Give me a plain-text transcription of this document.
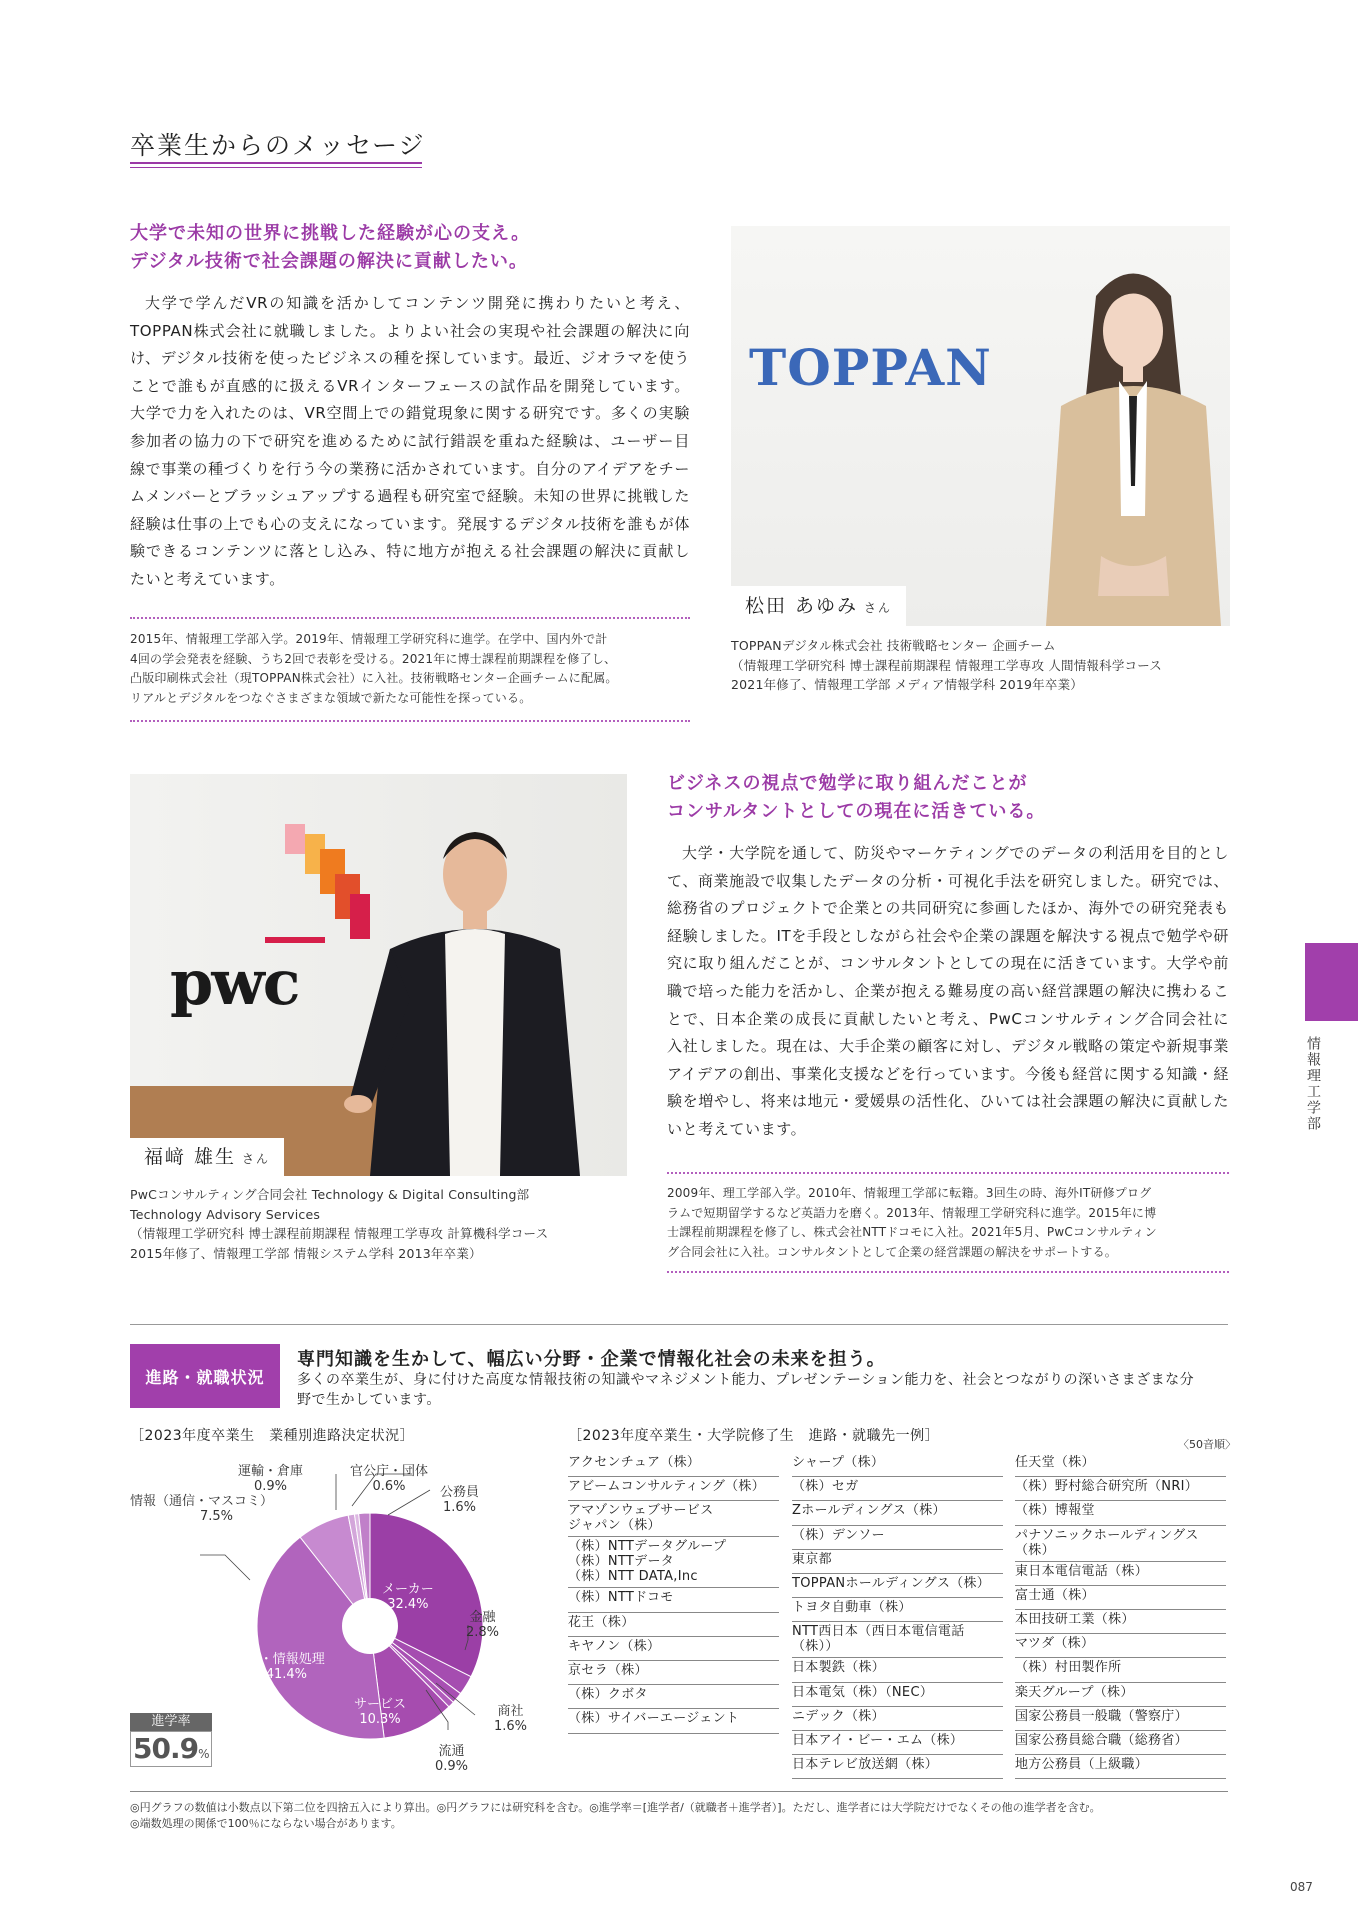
卒業生からのメッセージ
大学で未知の世界に挑戦した経験が心の支え。
デジタル技術で社会課題の解決に貢献したい。
大学で学んだVRの知識を活かしてコンテンツ開発に携わりたいと考え、TOPPAN株式会社に就職しました。よりよい社会の実現や社会課題の解決に向け、デジタル技術を使ったビジネスの種を探しています。最近、ジオラマを使うことで誰もが直感的に扱えるVRインターフェースの試作品を開発しています。大学で力を入れたのは、VR空間上での錯覚現象に関する研究です。多くの実験参加者の協力の下で研究を進めるために試行錯誤を重ねた経験は、ユーザー目線で事業の種づくりを行う今の業務に活かされています。自分のアイデアをチームメンバーとブラッシュアップする過程も研究室で経験。未知の世界に挑戦した経験は仕事の上でも心の支えになっています。発展するデジタル技術を誰もが体験できるコンテンツに落とし込み、特に地方が抱える社会課題の解決に貢献したいと考えています。
2015年、情報理工学部入学。2019年、情報理工学研究科に進学。在学中、国内外で計
4回の学会発表を経験、うち2回で表彰を受ける。2021年に博士課程前期課程を修了し、
凸版印刷株式会社（現TOPPAN株式会社）に入社。技術戦略センター企画チームに配属。
リアルとデジタルをつなぐさまざまな領域で新たな可能性を探っている。
TOPPAN
松田 あゆみ さん
TOPPANデジタル株式会社 技術戦略センター 企画チーム
（情報理工学研究科 博士課程前期課程 情報理工学専攻 人間情報科学コース
2021年修了、情報理工学部 メディア情報学科 2019年卒業）
pwc
福﨑 雄生 さん
PwCコンサルティング合同会社 Technology & Digital Consulting部
Technology Advisory Services
（情報理工学研究科 博士課程前期課程 情報理工学専攻 計算機科学コース
2015年修了、情報理工学部 情報システム学科 2013年卒業）
ビジネスの視点で勉学に取り組んだことが
コンサルタントとしての現在に活きている。
大学・大学院を通して、防災やマーケティングでのデータの利活用を目的として、商業施設で収集したデータの分析・可視化手法を研究しました。研究では、総務省のプロジェクトで企業との共同研究に参画したほか、海外での研究発表も経験しました。ITを手段としながら社会や企業の課題を解決する視点で勉学や研究に取り組んだことが、コンサルタントとしての現在に活きています。大学や前職で培った能力を活かし、企業が抱える難易度の高い経営課題の解決に携わることで、日本企業の成長に貢献したいと考え、PwCコンサルティング合同会社に入社しました。現在は、大手企業の顧客に対し、デジタル戦略の策定や新規事業アイデアの創出、事業化支援などを行っています。今後も経営に関する知識・経験を増やし、将来は地元・愛媛県の活性化、ひいては社会課題の解決に貢献したいと考えています。
2009年、理工学部入学。2010年、情報理工学部に転籍。3回生の時、海外IT研修プログ
ラムで短期留学するなど英語力を磨く。2013年、情報理工学研究科に進学。2015年に博
士課程前期課程を修了し、株式会社NTTドコモに入社。2021年5月、PwCコンサルティン
グ合同会社に入社。コンサルタントとして企業の経営課題の解決をサポートする。
情報理工学部
進路・就職状況
専門知識を生かして、幅広い分野・企業で情報化社会の未来を担う。
多くの卒業生が、身に付けた高度な情報技術の知識やマネジメント能力、プレゼンテーション能力を、社会とつながりの深いさまざまな分野で生かしています。
［2023年度卒業生　業種別進路決定状況］	［2023年度卒業生・大学院修了生　進路・就職先一例］
〈50音順〉
運輸・倉庫
0.9%
官公庁・団体
0.6%	公務員
1.6%
情報（通信・マスコミ）
7.5%
メーカー
32.4%
金融
2.8%
IT・情報処理
41.4%
サービス
10.3%
商社
1.6%
流通
0.9%
進学率
50.9%
アクセンチュア（株）
アビームコンサルティング（株）
アマゾンウェブサービス
ジャパン（株）
（株）NTTデータグループ
（株）NTTデータ
（株）NTT DATA,Inc
（株）NTTドコモ
花王（株）
キヤノン（株）
京セラ（株）
（株）クボタ
（株）サイバーエージェント
シャープ（株）
（株）セガ
Zホールディングス（株）
（株）デンソー
東京都
TOPPANホールディングス（株）
トヨタ自動車（株）
NTT西日本（西日本電信電話（株））
日本製鉄（株）
日本電気（株）（NEC）
ニデック（株）
日本アイ・ビー・エム（株）
日本テレビ放送網（株）
任天堂（株）
（株）野村総合研究所（NRI）
（株）博報堂
パナソニックホールディングス（株）
東日本電信電話（株）
富士通（株）
本田技研工業（株）
マツダ（株）
（株）村田製作所
楽天グループ（株）
国家公務員一般職（警察庁）
国家公務員総合職（総務省）
地方公務員（上級職）
◎円グラフの数値は小数点以下第二位を四捨五入により算出。◎円グラフには研究科を含む。◎進学率＝[進学者/（就職者＋進学者）]。ただし、進学者には大学院だけでなくその他の進学者を含む。
◎端数処理の関係で100％にならない場合があります。
087
